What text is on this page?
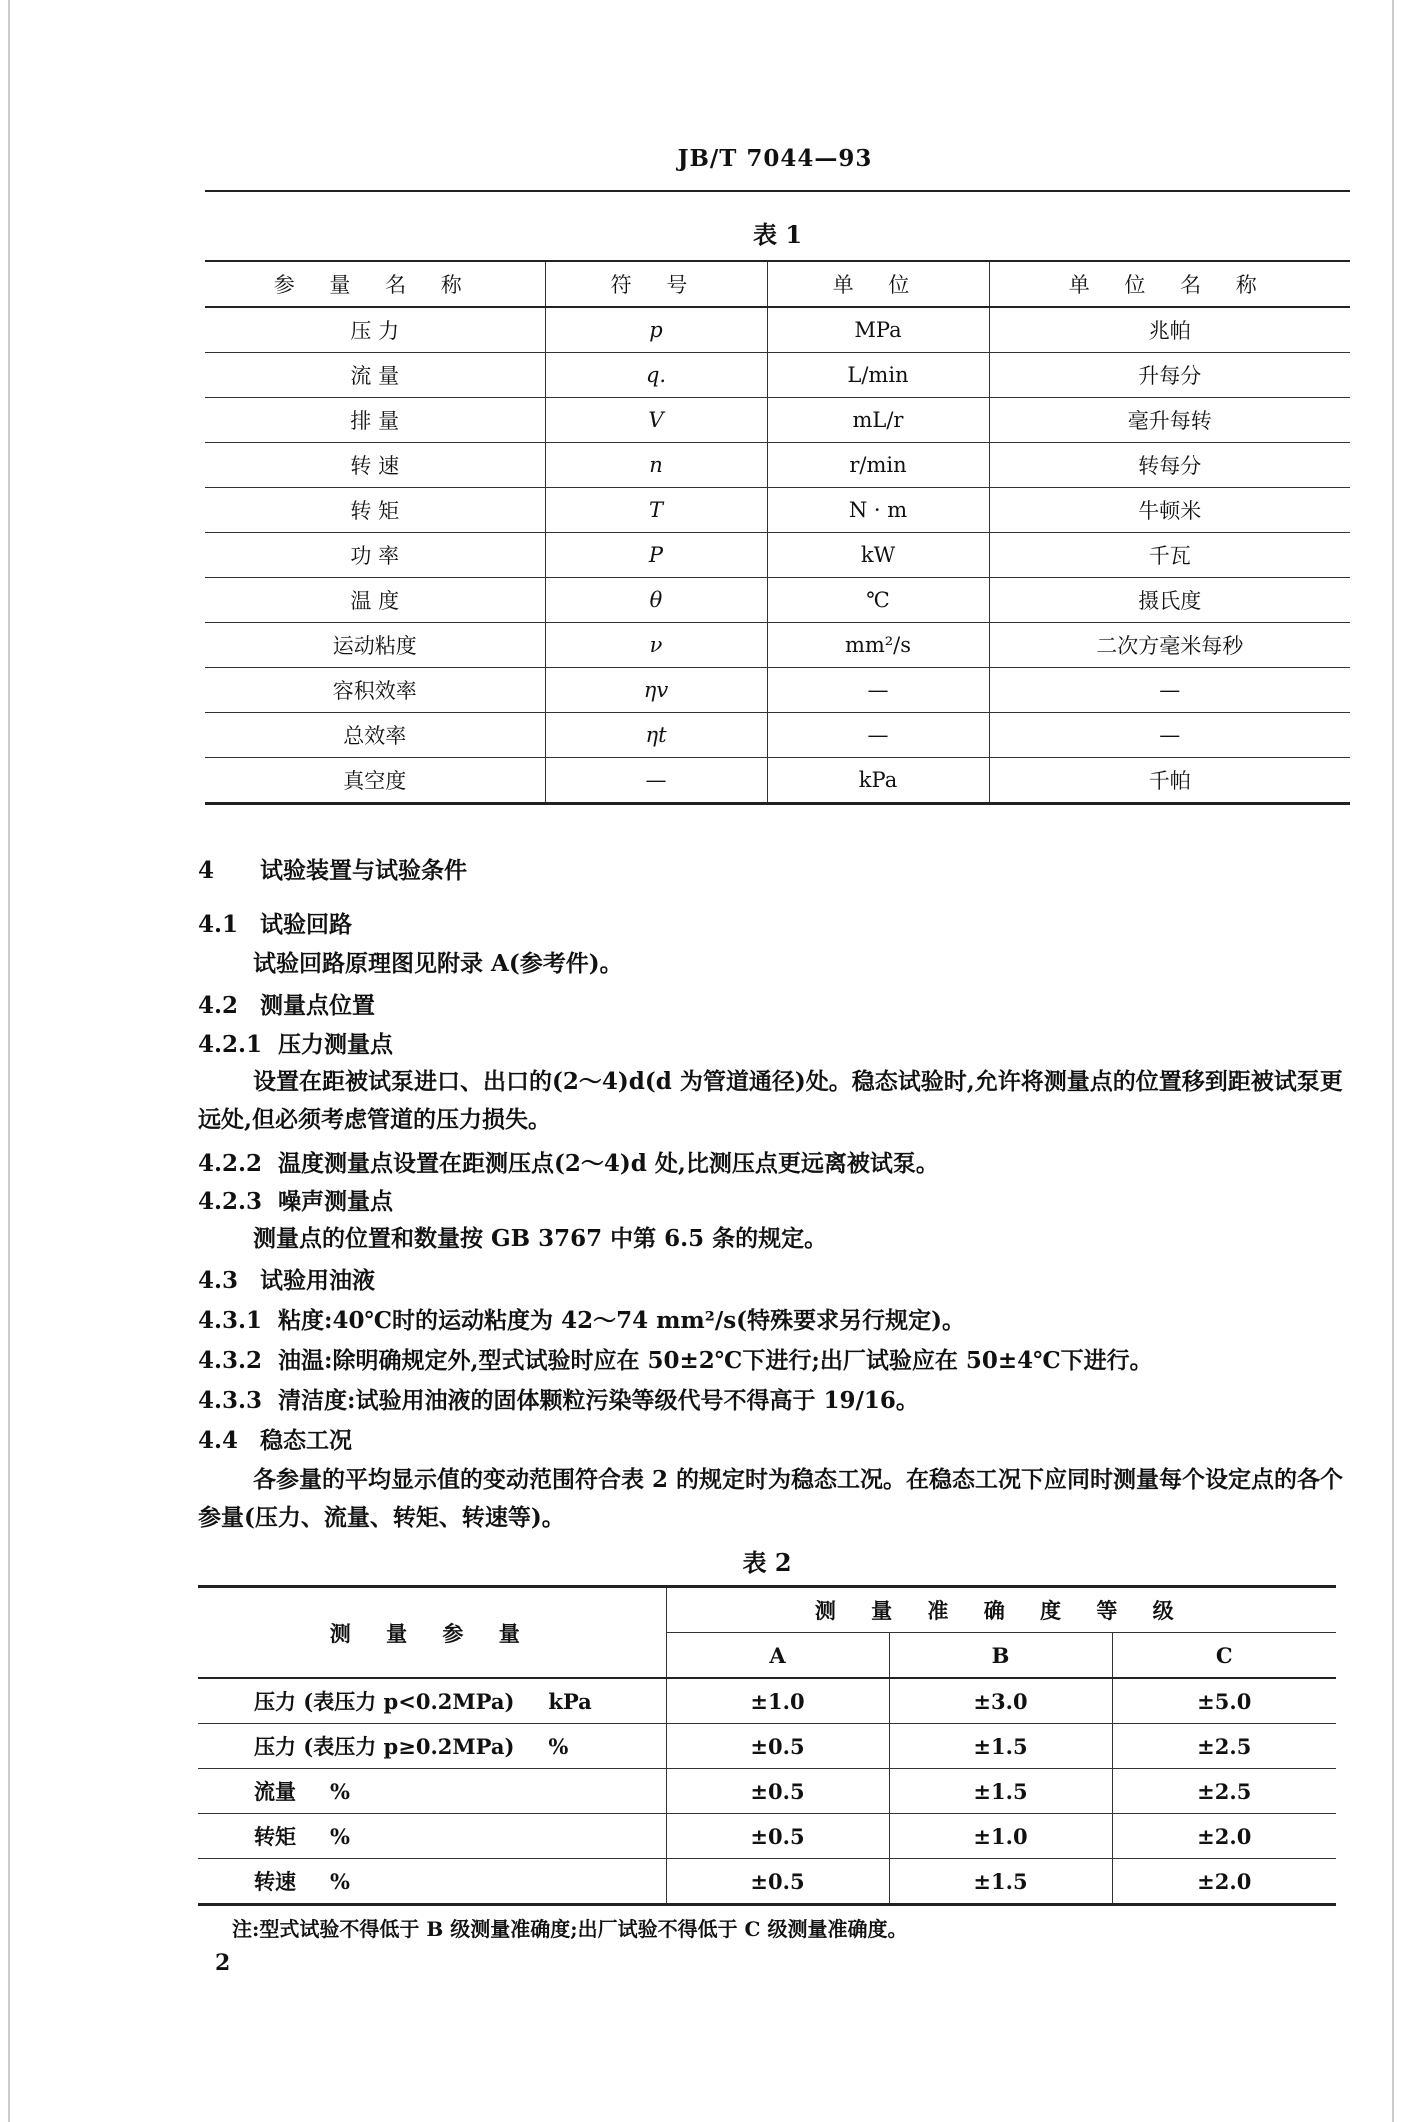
JB/T 7044—93
表 1
参 量 名 称	符 号	单 位	单 位 名 称
压 力	p	MPa	兆帕
流 量	q.	L/min	升每分
排 量	V	mL/r	毫升每转
转 速	n	r/min	转每分
转 矩	T	N · m	牛顿米
功 率	P	kW	千瓦
温 度	θ	℃	摄氏度
运动粘度	ν	mm²/s	二次方毫米每秒
容积效率	ηv	—	—
总效率	ηt	—	—
真空度	—	kPa	千帕
4 试验装置与试验条件
4.1 试验回路
试验回路原理图见附录 A(参考件)。
4.2 测量点位置
4.2.1 压力测量点
设置在距被试泵进口、出口的(2～4)d(d 为管道通径)处。稳态试验时,允许将测量点的位置移到距被试泵更远处,但必须考虑管道的压力损失。
4.2.2 温度测量点设置在距测压点(2～4)d 处,比测压点更远离被试泵。
4.2.3 噪声测量点
测量点的位置和数量按 GB 3767 中第 6.5 条的规定。
4.3 试验用油液
4.3.1 粘度:40℃时的运动粘度为 42～74 mm²/s(特殊要求另行规定)。
4.3.2 油温:除明确规定外,型式试验时应在 50±2℃下进行;出厂试验应在 50±4℃下进行。
4.3.3 清洁度:试验用油液的固体颗粒污染等级代号不得高于 19/16。
4.4 稳态工况
各参量的平均显示值的变动范围符合表 2 的规定时为稳态工况。在稳态工况下应同时测量每个设定点的各个参量(压力、流量、转矩、转速等)。
表 2
测 量 参 量	测 量 准 确 度 等 级		
	A	B	C
压力 (表压力 p<0.2MPa) kPa	±1.0	±3.0	±5.0
压力 (表压力 p≥0.2MPa) %	±0.5	±1.5	±2.5
流量 %	±0.5	±1.5	±2.5
转矩 %	±0.5	±1.0	±2.0
转速 %	±0.5	±1.5	±2.0
注:型式试验不得低于 B 级测量准确度;出厂试验不得低于 C 级测量准确度。
2
